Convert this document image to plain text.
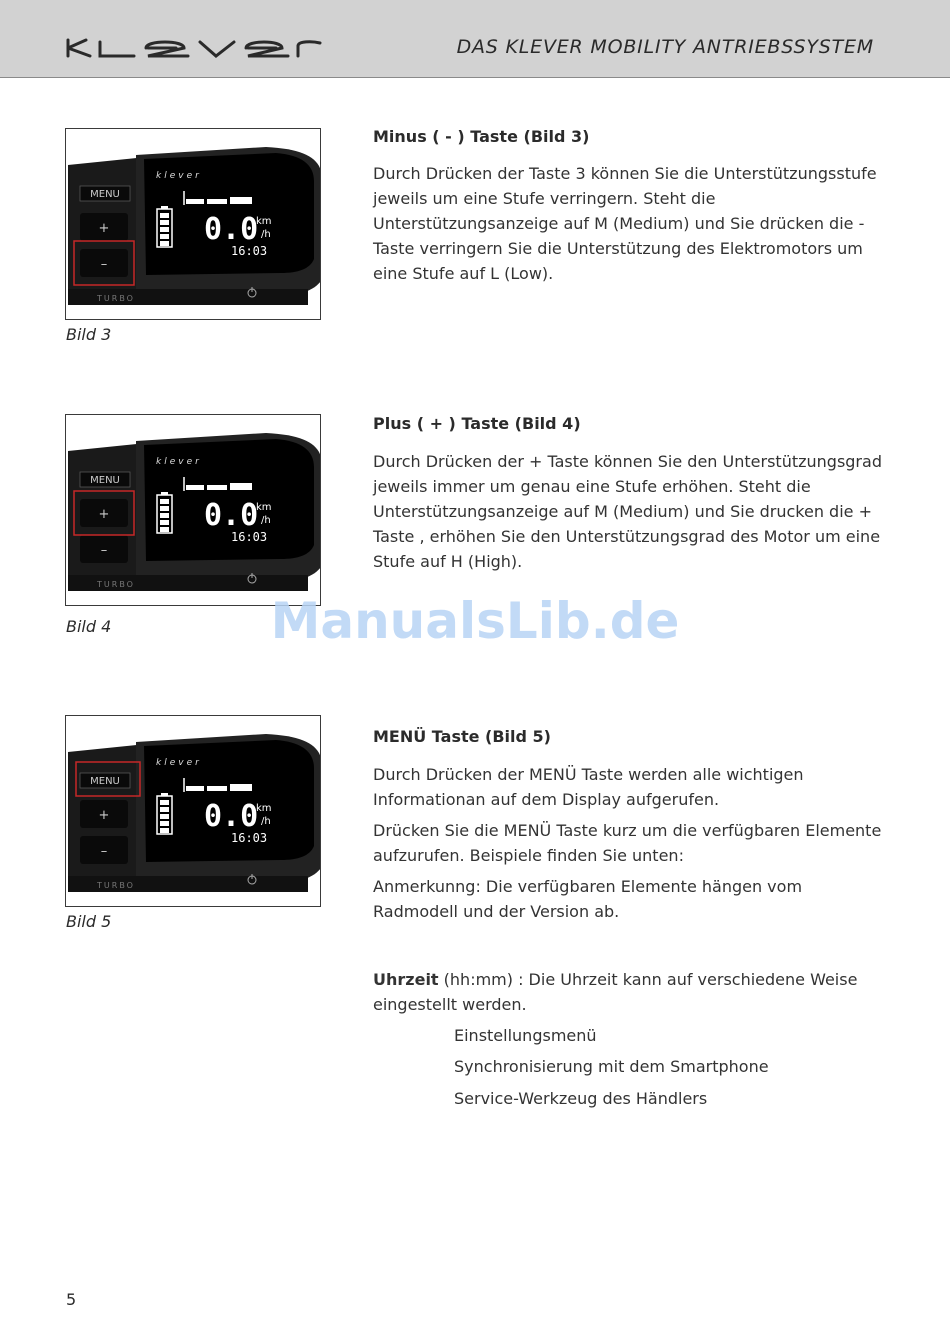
DAS KLEVER MOBILITY ANTRIEBSSYSTEM
klever
0.0
km
/h
16:03
MENU
+
–
TURBO
Bild 3
Minus ( - ) Taste (Bild 3)

Durch Drücken der Taste 3 können Sie die Unterstützungsstufe jeweils um eine Stufe verringern. Steht die Unterstützungsanzeige auf M (Medium) und Sie drücken die - Taste verringern Sie die Unterstützung des Elektromotors um eine Stufe auf L (Low).

klever
0.0
km
/h
16:03
MENU
+
–
TURBO
Bild 4
Plus ( + ) Taste (Bild 4)

Durch Drücken der + Taste können Sie den Unterstützungsgrad jeweils immer um genau eine Stufe erhöhen. Steht die Unterstützungsanzeige auf M (Medium) und Sie drucken die + Taste , erhöhen Sie den Unterstützungsgrad des Motor um eine Stufe auf H (High).

ManualsLib.de
klever
0.0
km
/h
16:03
MENU
+
–
TURBO
Bild 5
MENÜ Taste (Bild 5)

Durch Drücken der MENÜ Taste werden alle wichtigen Informationan auf dem Display aufgerufen.

Drücken Sie die MENÜ Taste kurz um die verfügbaren Elemente aufzurufen. Beispiele finden Sie unten:

Anmerkunng: Die verfügbaren Elemente hängen vom Radmodell und der Version ab.

Uhrzeit (hh:mm) : Die Uhrzeit kann auf verschiedene Weise eingestellt werden.

Einstellungsmenü
Synchronisierung mit dem Smartphone
Service-Werkzeug des Händlers
5
